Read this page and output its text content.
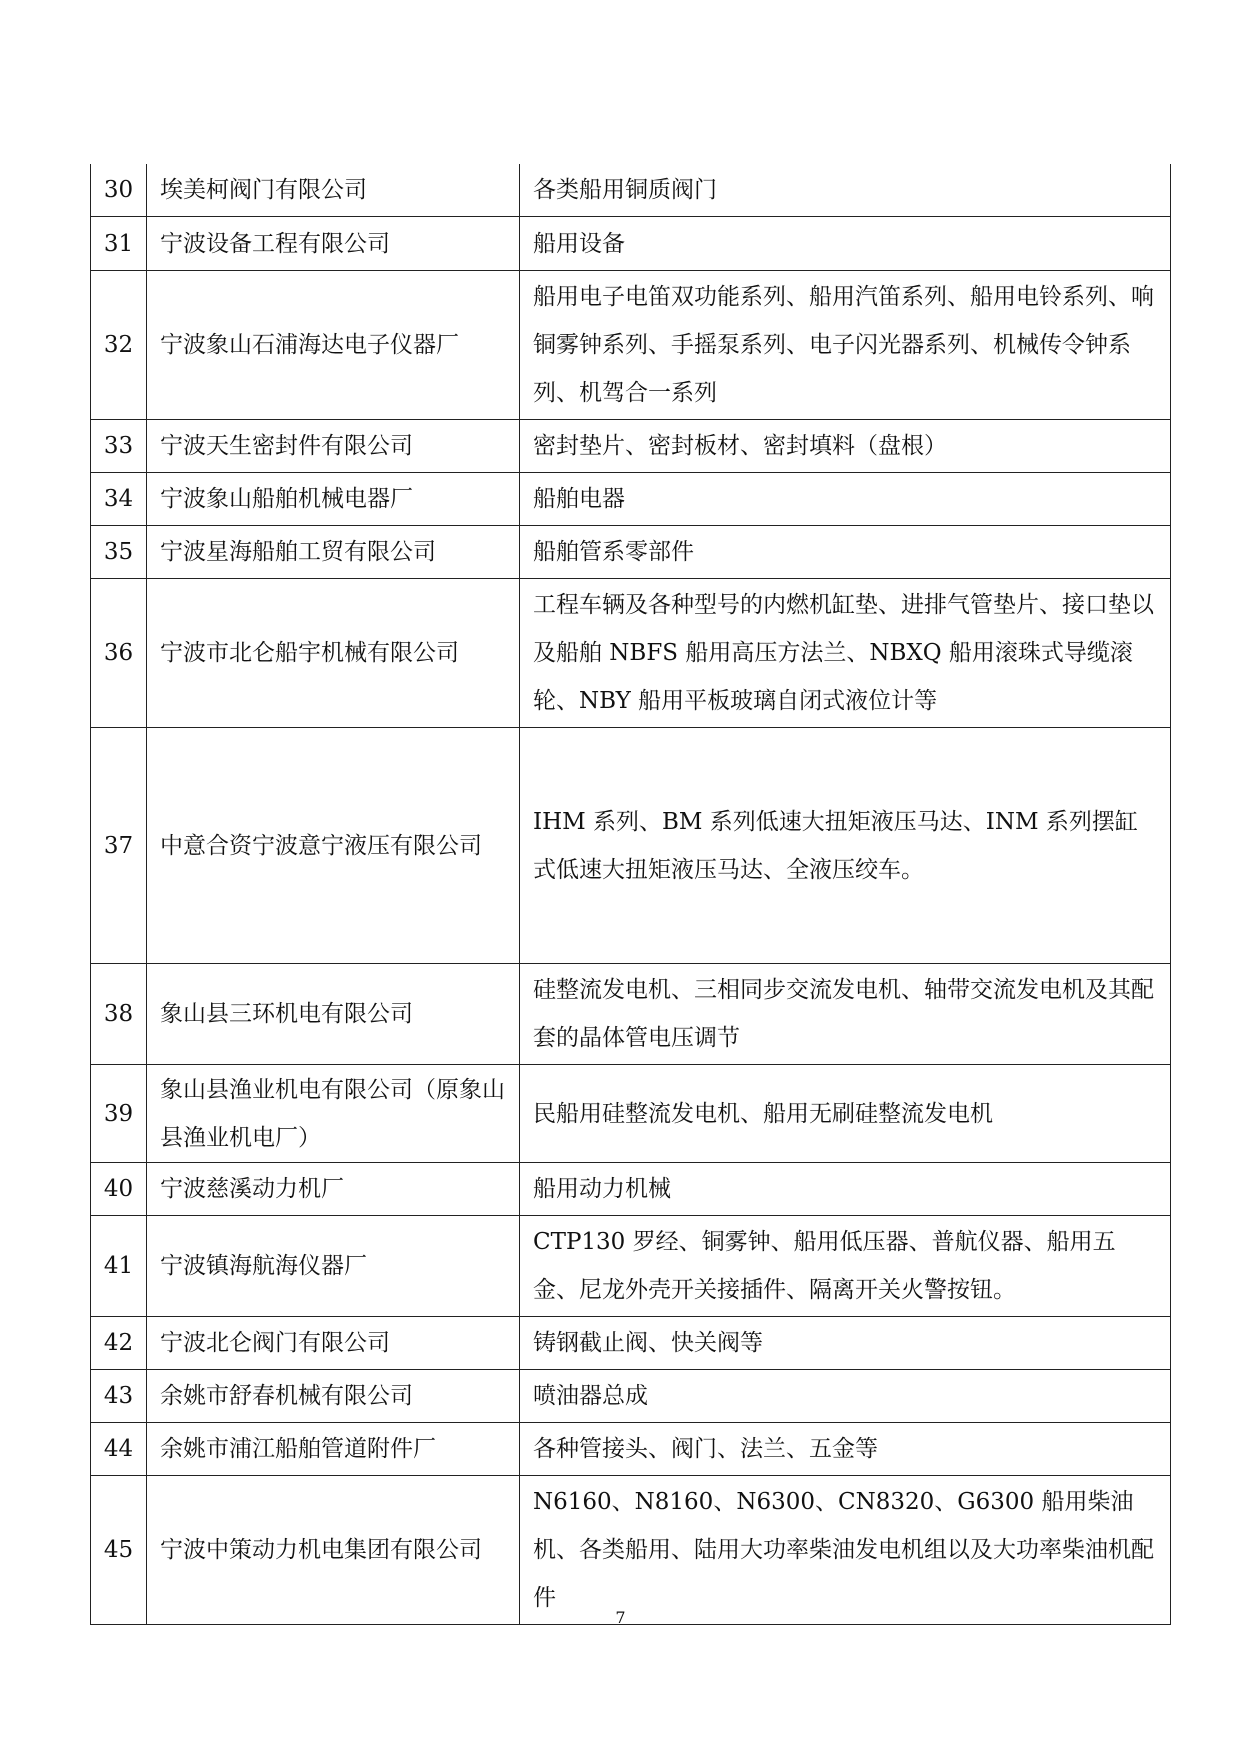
30	埃美柯阀门有限公司	各类船用铜质阀门
31	宁波设备工程有限公司	船用设备
32	宁波象山石浦海达电子仪器厂	船用电子电笛双功能系列、船用汽笛系列、船用电铃系列、响铜雾钟系列、手摇泵系列、电子闪光器系列、机械传令钟系列、机驾合一系列
33	宁波天生密封件有限公司	密封垫片、密封板材、密封填料（盘根）
34	宁波象山船舶机械电器厂	船舶电器
35	宁波星海船舶工贸有限公司	船舶管系零部件
36	宁波市北仑船宇机械有限公司	工程车辆及各种型号的内燃机缸垫、进排气管垫片、接口垫以及船舶 NBFS 船用高压方法兰、NBXQ 船用滚珠式导缆滚轮、NBY 船用平板玻璃自闭式液位计等
37	中意合资宁波意宁液压有限公司	IHM 系列、BM 系列低速大扭矩液压马达、INM 系列摆缸式低速大扭矩液压马达、全液压绞车。
38	象山县三环机电有限公司	硅整流发电机、三相同步交流发电机、轴带交流发电机及其配套的晶体管电压调节
39	象山县渔业机电有限公司（原象山县渔业机电厂）	民船用硅整流发电机、船用无刷硅整流发电机
40	宁波慈溪动力机厂	船用动力机械
41	宁波镇海航海仪器厂	CTP130 罗经、铜雾钟、船用低压器、普航仪器、船用五金、尼龙外壳开关接插件、隔离开关火警按钮。
42	宁波北仑阀门有限公司	铸钢截止阀、快关阀等
43	余姚市舒春机械有限公司	喷油器总成
44	余姚市浦江船舶管道附件厂	各种管接头、阀门、法兰、五金等
45	宁波中策动力机电集团有限公司	N6160、N8160、N6300、CN8320、G6300 船用柴油机、各类船用、陆用大功率柴油发电机组以及大功率柴油机配件
7
